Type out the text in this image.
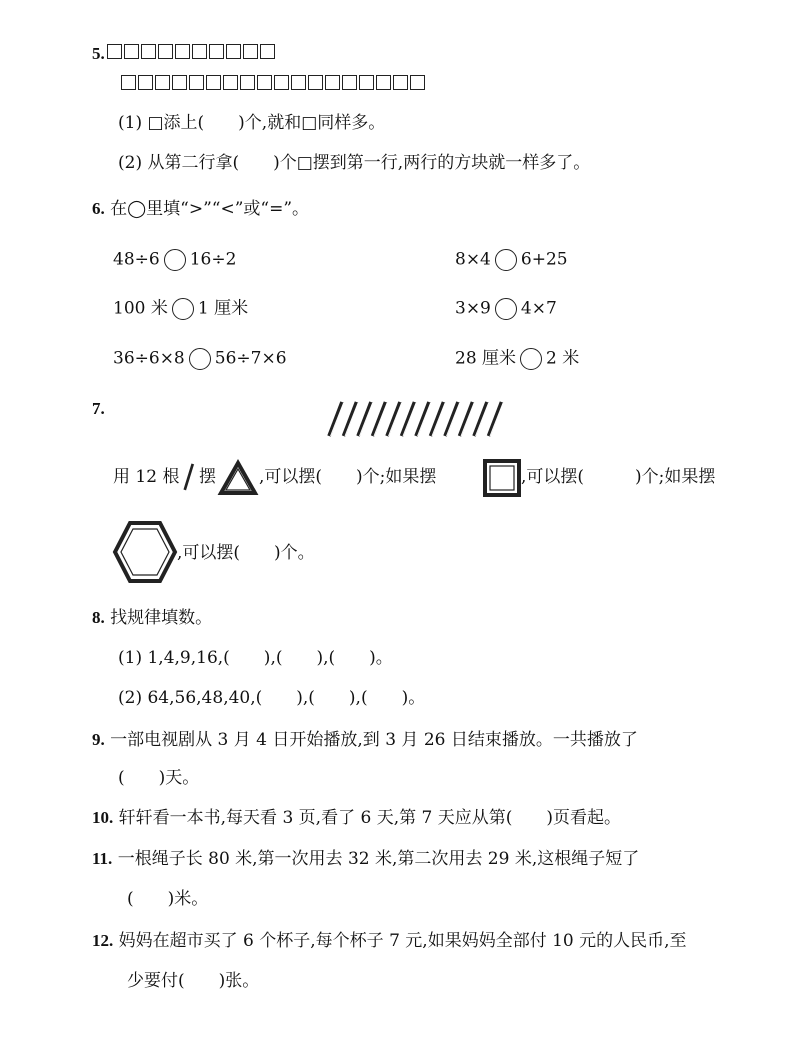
5.
(1) □添上(　　)个,就和□同样多。
(2) 从第二行拿(　　)个□摆到第一行,两行的方块就一样多了。
6. 在◯里填“>”“<”或“=”。
48÷6 16÷2	8×4 6+25
100 米 1 厘米	3×9 4×7
36÷6×8 56÷7×6	28 厘米 2 米
7.
用 12 根 摆	,可以摆(　　)个;如果摆	,可以摆(　　　)个;如果摆
,可以摆(　　)个。
8. 找规律填数。
(1) 1,4,9,16,(　　),(　　),(　　)。
(2) 64,56,48,40,(　　),(　　),(　　)。
9. 一部电视剧从 3 月 4 日开始播放,到 3 月 26 日结束播放。一共播放了
(　　)天。
10. 轩轩看一本书,每天看 3 页,看了 6 天,第 7 天应从第(　　)页看起。
11. 一根绳子长 80 米,第一次用去 32 米,第二次用去 29 米,这根绳子短了
(　　)米。
12. 妈妈在超市买了 6 个杯子,每个杯子 7 元,如果妈妈全部付 10 元的人民币,至
少要付(　　)张。
